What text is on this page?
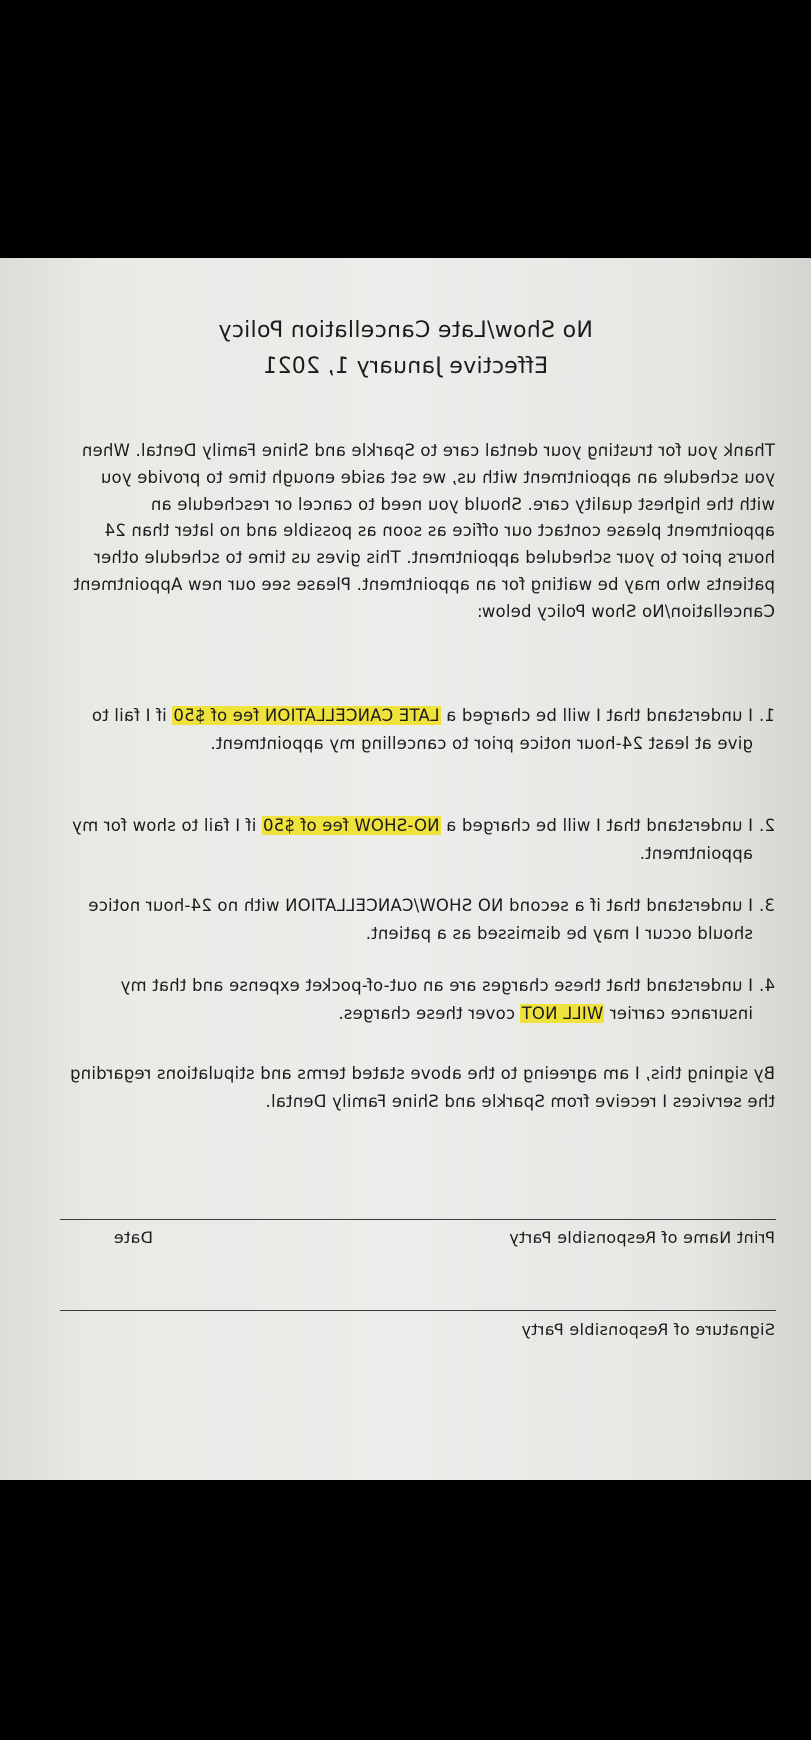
No Show/Late Cancellation Policy
Effective January 1, 2021

Thank you for trusting your dental care to Sparkle and Shine Family Dental. When you schedule an appointment with us, we set aside enough time to provide you with the highest quality care. Should you need to cancel or reschedule an appointment please contact our office as soon as possible and no later than 24 hours prior to your scheduled appointment. This gives us time to schedule other patients who may be waiting for an appointment. Please see our new Appointment Cancellation/No Show Policy below:

1.
I understand that I will be charged a LATE CANCELLATION fee of $50 if I fail to give at least 24-hour notice prior to cancelling my appointment.

2.
I understand that I will be charged a NO-SHOW fee of $50 if I fail to show for my appointment.

3.
I understand that if a second NO SHOW/CANCELLATION with no 24-hour notice should occur I may be dismissed as a patient.

4.
I understand that these charges are an out-of-pocket expense and that my insurance carrier WILL NOT cover these charges.

By signing this, I am agreeing to the above stated terms and stipulations regarding the services I receive from Sparkle and Shine Family Dental.

Print Name of Responsible Party
Date
Signature of Responsible Party
